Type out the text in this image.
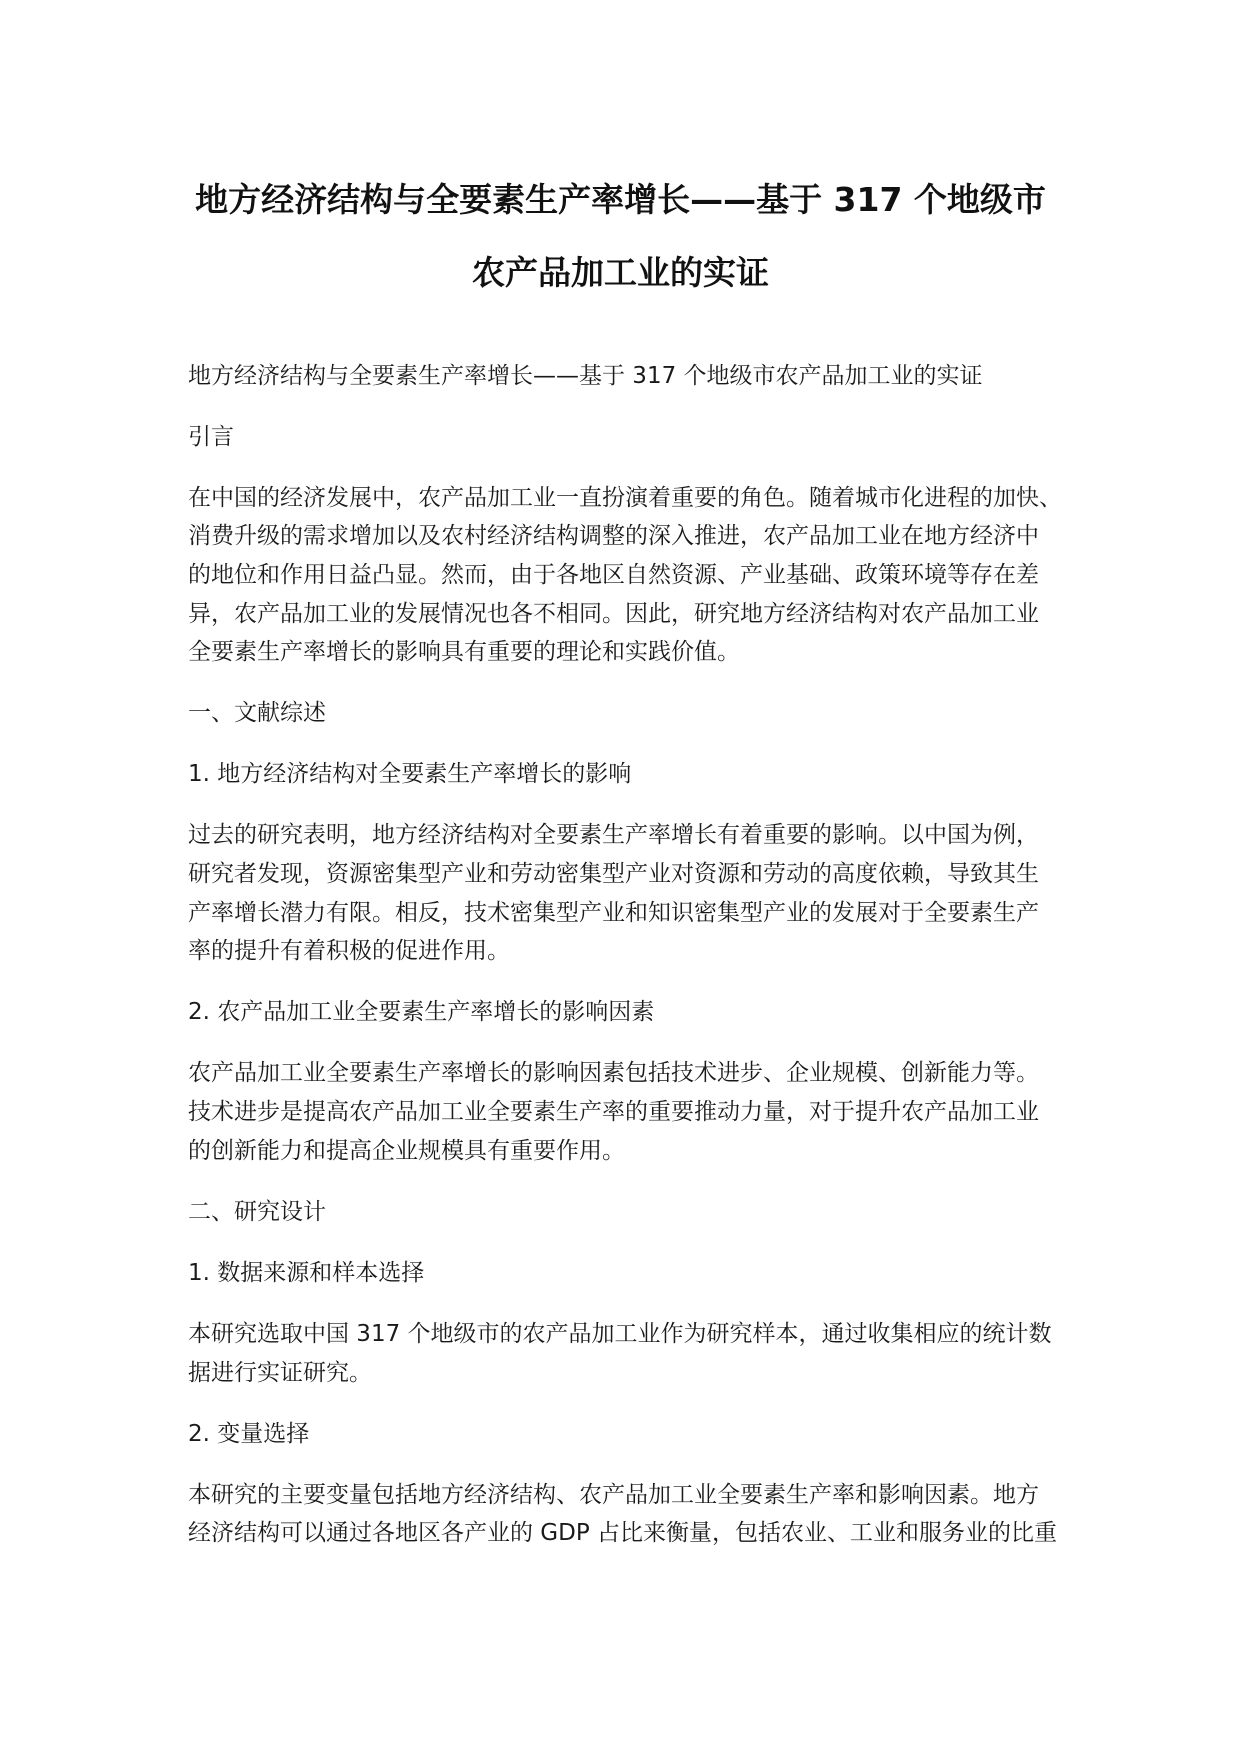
地方经济结构与全要素生产率增长——基于 317 个地级市
农产品加工业的实证
地方经济结构与全要素生产率增长——基于 317 个地级市农产品加工业的实证
引言
在中国的经济发展中，农产品加工业一直扮演着重要的角色。随着城市化进程的加快、
消费升级的需求增加以及农村经济结构调整的深入推进，农产品加工业在地方经济中
的地位和作用日益凸显。然而，由于各地区自然资源、产业基础、政策环境等存在差
异，农产品加工业的发展情况也各不相同。因此，研究地方经济结构对农产品加工业
全要素生产率增长的影响具有重要的理论和实践价值。
一、文献综述
1. 地方经济结构对全要素生产率增长的影响
过去的研究表明，地方经济结构对全要素生产率增长有着重要的影响。以中国为例，
研究者发现，资源密集型产业和劳动密集型产业对资源和劳动的高度依赖，导致其生
产率增长潜力有限。相反，技术密集型产业和知识密集型产业的发展对于全要素生产
率的提升有着积极的促进作用。
2. 农产品加工业全要素生产率增长的影响因素
农产品加工业全要素生产率增长的影响因素包括技术进步、企业规模、创新能力等。
技术进步是提高农产品加工业全要素生产率的重要推动力量，对于提升农产品加工业
的创新能力和提高企业规模具有重要作用。
二、研究设计
1. 数据来源和样本选择
本研究选取中国 317 个地级市的农产品加工业作为研究样本，通过收集相应的统计数
据进行实证研究。
2. 变量选择
本研究的主要变量包括地方经济结构、农产品加工业全要素生产率和影响因素。地方
经济结构可以通过各地区各产业的 GDP 占比来衡量，包括农业、工业和服务业的比重
